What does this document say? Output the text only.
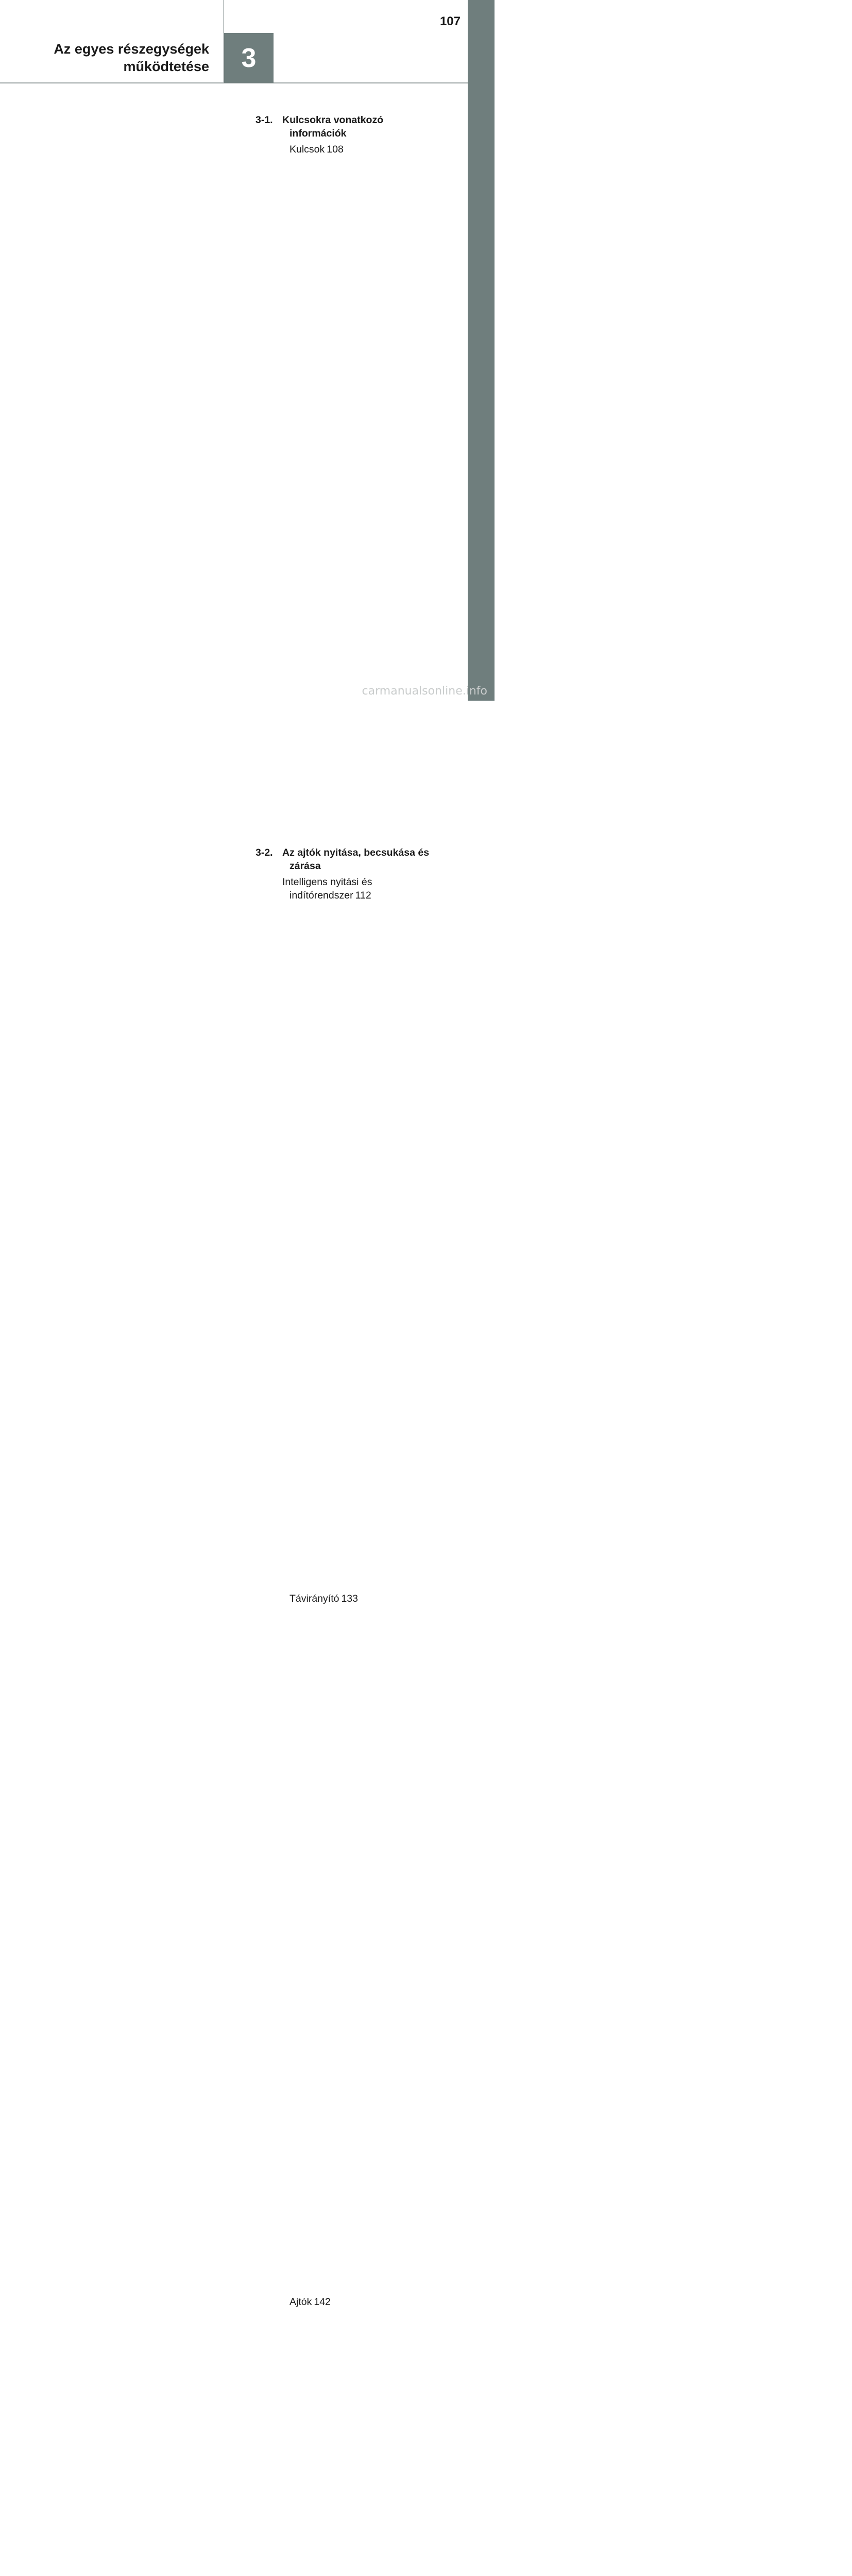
107
Az egyes részegységek
működtetése	3
3-1. Kulcsokra vonatkozó információk
Kulcsok 108
3-2. Az ajtók nyitása, becsukása és zárása
Intelligens nyitási és
indítórendszer 112
Távirányító 133
Ajtók 142
carmanualsonline.info
